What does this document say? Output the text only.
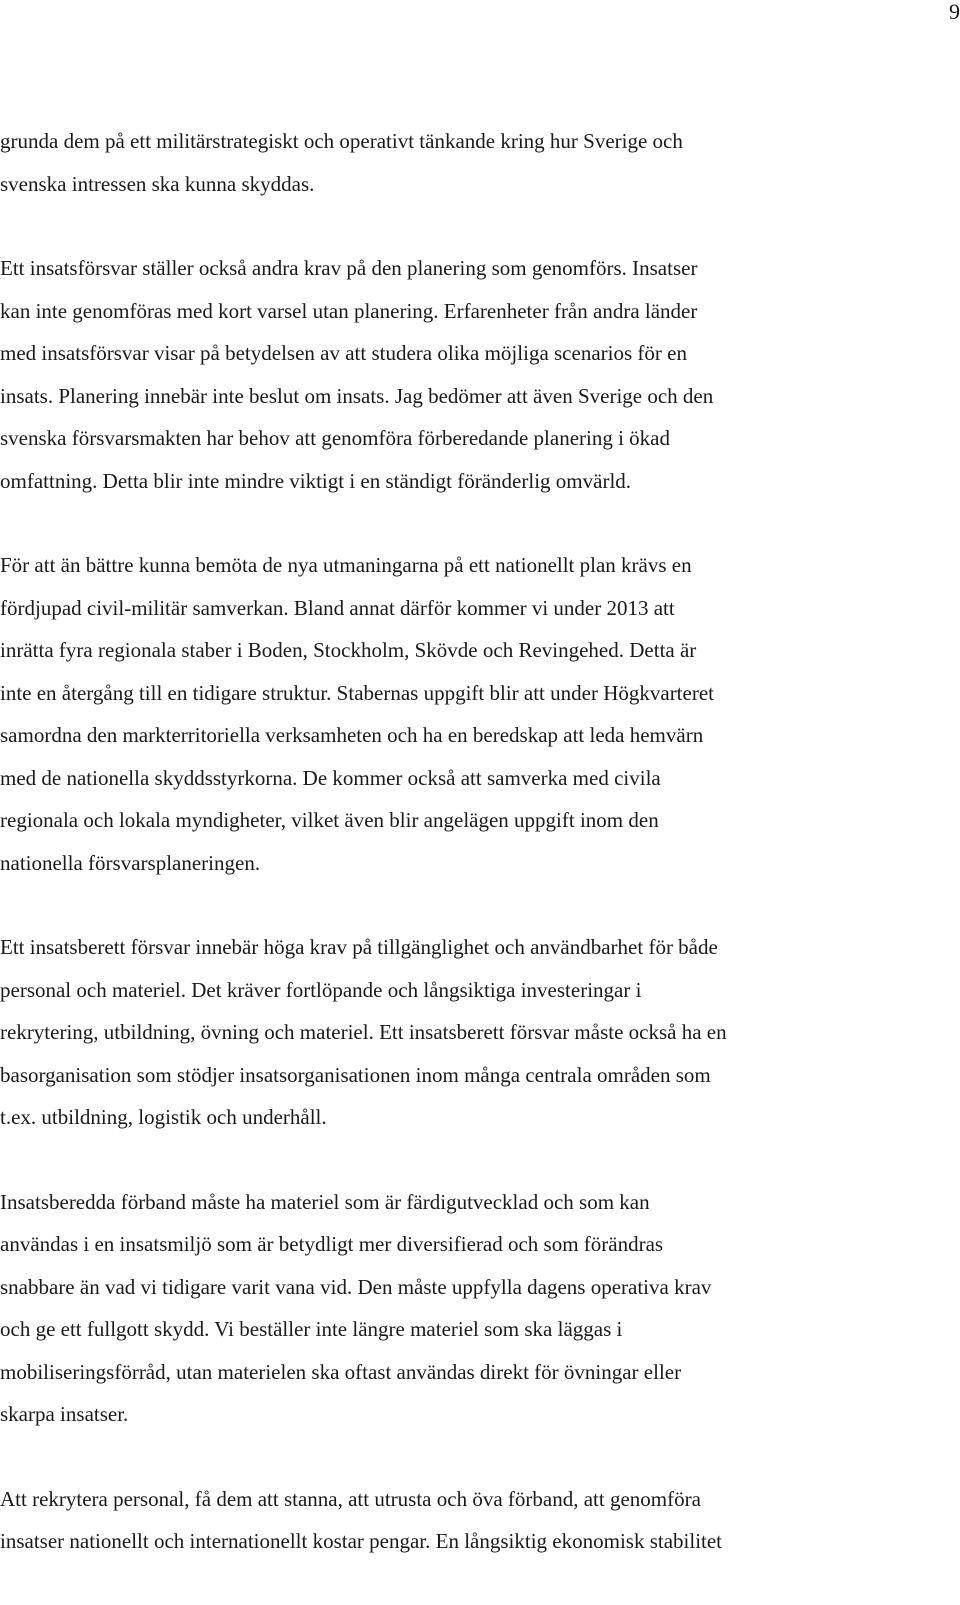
9

grunda dem på ett militärstrategiskt och operativt tänkande kring hur Sverige och
svenska intressen ska kunna skyddas.

Ett insatsförsvar ställer också andra krav på den planering som genomförs. Insatser
kan inte genomföras med kort varsel utan planering. Erfarenheter från andra länder
med insatsförsvar visar på betydelsen av att studera olika möjliga scenarios för en
insats. Planering innebär inte beslut om insats. Jag bedömer att även Sverige och den
svenska försvarsmakten har behov att genomföra förberedande planering i ökad
omfattning. Detta blir inte mindre viktigt i en ständigt föränderlig omvärld.

För att än bättre kunna bemöta de nya utmaningarna på ett nationellt plan krävs en
fördjupad civil-militär samverkan. Bland annat därför kommer vi under 2013 att
inrätta fyra regionala staber i Boden, Stockholm, Skövde och Revingehed. Detta är
inte en återgång till en tidigare struktur. Stabernas uppgift blir att under Högkvarteret
samordna den markterritoriella verksamheten och ha en beredskap att leda hemvärn
med de nationella skyddsstyrkorna. De kommer också att samverka med civila
regionala och lokala myndigheter, vilket även blir angelägen uppgift inom den
nationella försvarsplaneringen.

Ett insatsberett försvar innebär höga krav på tillgänglighet och användbarhet för både
personal och materiel. Det kräver fortlöpande och långsiktiga investeringar i
rekrytering, utbildning, övning och materiel. Ett insatsberett försvar måste också ha en
basorganisation som stödjer insatsorganisationen inom många centrala områden som
t.ex. utbildning, logistik och underhåll.

Insatsberedda förband måste ha materiel som är färdigutvecklad och som kan
användas i en insatsmiljö som är betydligt mer diversifierad och som förändras
snabbare än vad vi tidigare varit vana vid. Den måste uppfylla dagens operativa krav
och ge ett fullgott skydd. Vi beställer inte längre materiel som ska läggas i
mobiliseringsförråd, utan materielen ska oftast användas direkt för övningar eller
skarpa insatser.

Att rekrytera personal, få dem att stanna, att utrusta och öva förband, att genomföra
insatser nationellt och internationellt kostar pengar. En långsiktig ekonomisk stabilitet
